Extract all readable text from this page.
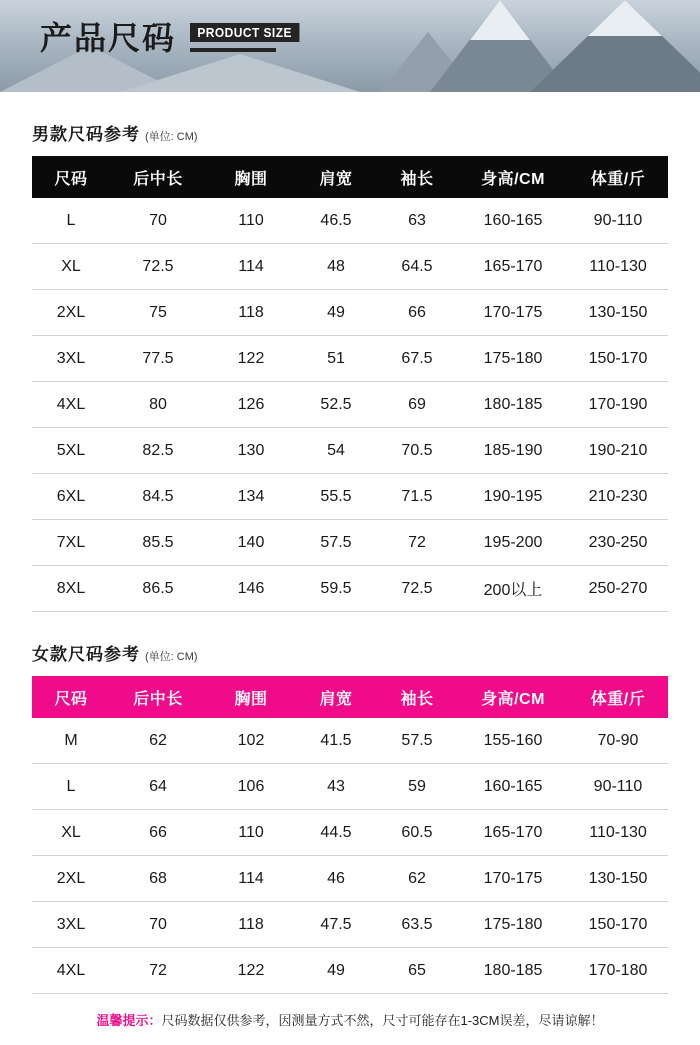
产品尺码	PRODUCT SIZE
男款尺码参考 (单位: CM)
尺码	后中长	胸围	肩宽	袖长	身高/CM	体重/斤
L	70	110	46.5	63	160-165	90-110
XL	72.5	114	48	64.5	165-170	110-130
2XL	75	118	49	66	170-175	130-150
3XL	77.5	122	51	67.5	175-180	150-170
4XL	80	126	52.5	69	180-185	170-190
5XL	82.5	130	54	70.5	185-190	190-210
6XL	84.5	134	55.5	71.5	190-195	210-230
7XL	85.5	140	57.5	72	195-200	230-250
8XL	86.5	146	59.5	72.5	200以上	250-270
女款尺码参考 (单位: CM)
尺码	后中长	胸围	肩宽	袖长	身高/CM	体重/斤
M	62	102	41.5	57.5	155-160	70-90
L	64	106	43	59	160-165	90-110
XL	66	110	44.5	60.5	165-170	110-130
2XL	68	114	46	62	170-175	130-150
3XL	70	118	47.5	63.5	175-180	150-170
4XL	72	122	49	65	180-185	170-180
温馨提示：尺码数据仅供参考，因测量方式不然，尺寸可能存在1-3CM误差，尽请谅解！
